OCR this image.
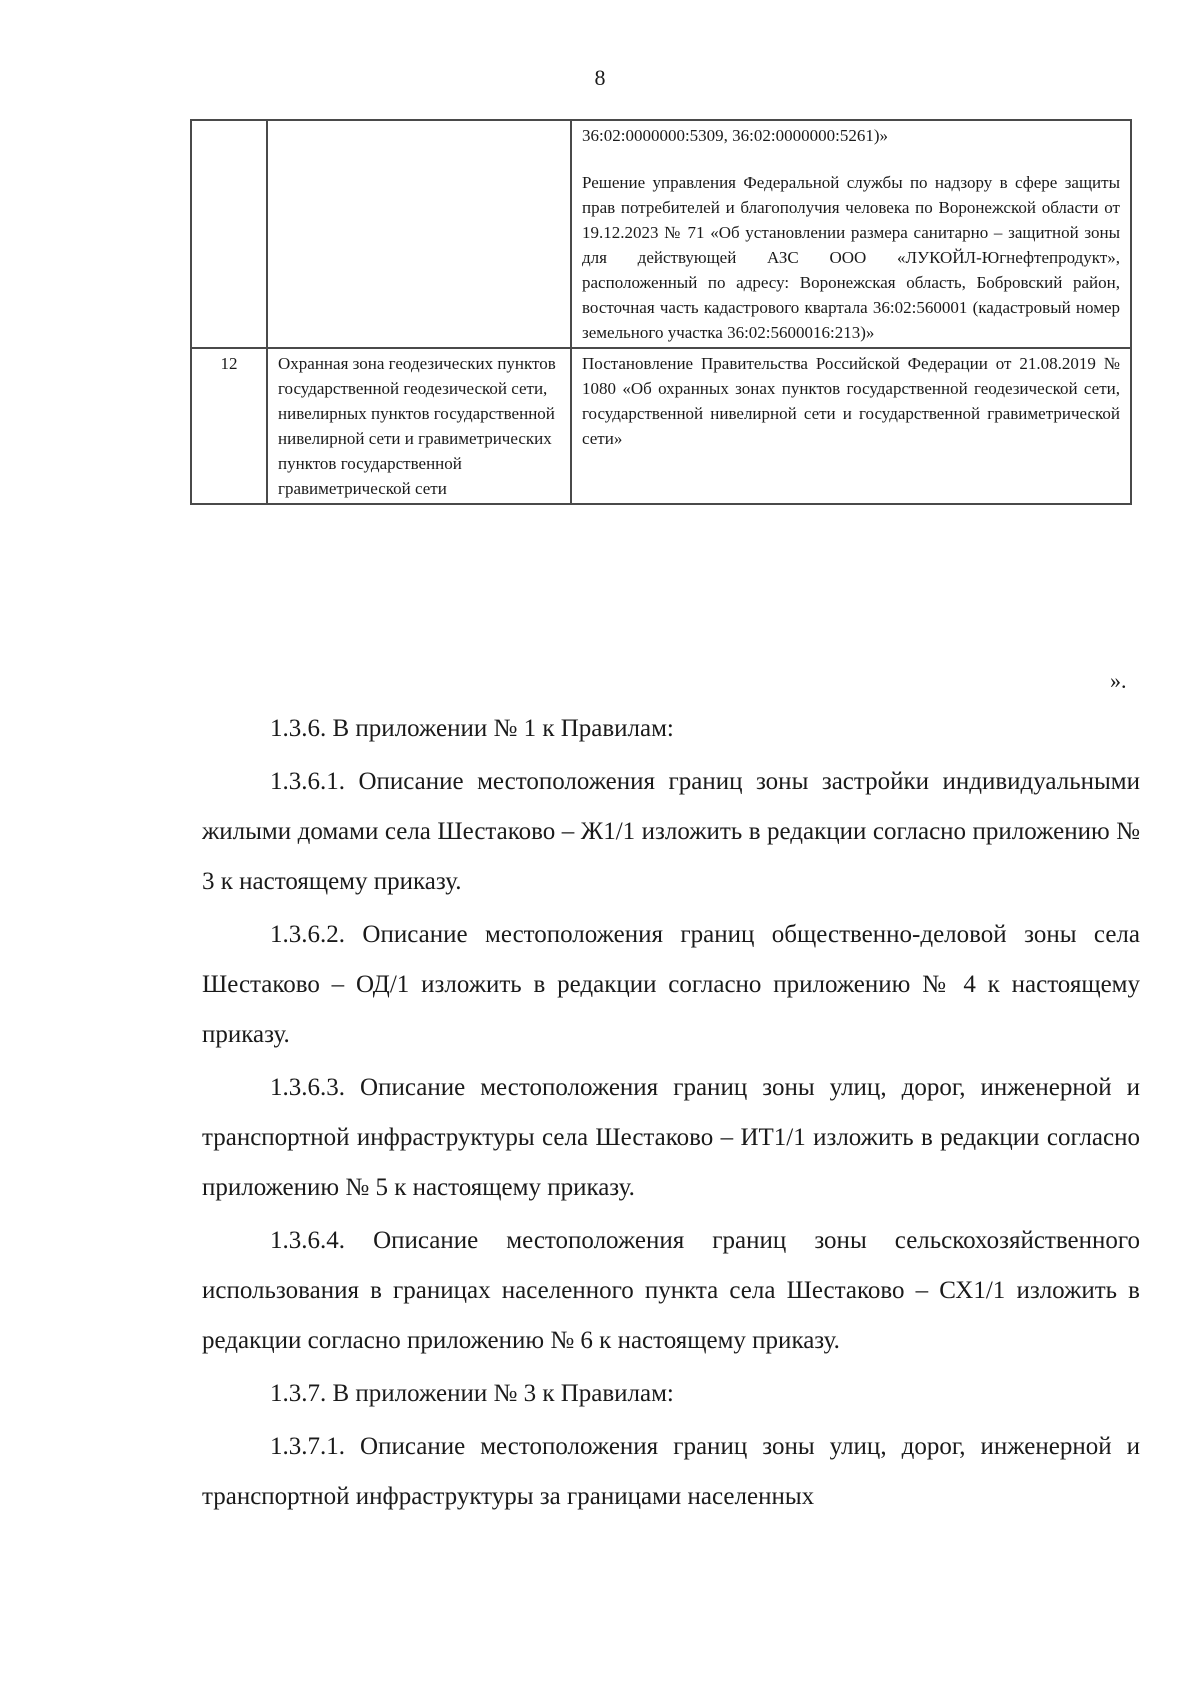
8

		36:02:0000000:5309, 36:02:0000000:5261)»
Решение управления Федеральной службы по надзору в сфере защиты прав потребителей и благополучия человека по Воронежской области от 19.12.2023 № 71 «Об установлении размера санитарно – защитной зоны для действующей АЗС ООО «ЛУКОЙЛ-Югнефтепродукт», расположенный по адресу: Воронежская область, Бобровский район, восточная часть кадастрового квартала 36:02:560001 (кадастровый номер земельного участка 36:02:5600016:213)»

12	Охранная зона геодезических пунктов государственной геодезической сети, нивелирных пунктов государственной нивелирной сети и гравиметрических пунктов государственной гравиметрической сети	Постановление Правительства Российской Федерации от 21.08.2019 № 1080 «Об охранных зонах пунктов государственной геодезической сети, государственной нивелирной сети и государственной гравиметрической сети»
».

1.3.6. В приложении № 1 к Правилам:

1.3.6.1. Описание местоположения границ зоны застройки индивидуальными жилыми домами села Шестаково – Ж1/1 изложить в редакции согласно приложению № 3 к настоящему приказу.

1.3.6.2. Описание местоположения границ общественно-деловой зоны села Шестаково – ОД/1 изложить в редакции согласно приложению № 4 к настоящему приказу.

1.3.6.3. Описание местоположения границ зоны улиц, дорог, инженерной и транспортной инфраструктуры села Шестаково – ИТ1/1 изложить в редакции согласно приложению № 5 к настоящему приказу.

1.3.6.4. Описание местоположения границ зоны сельскохозяйственного использования в границах населенного пункта села Шестаково – СХ1/1 изложить в редакции согласно приложению № 6 к настоящему приказу.

1.3.7. В приложении № 3 к Правилам:

1.3.7.1. Описание местоположения границ зоны улиц, дорог, инженерной и транспортной инфраструктуры за границами населенных
